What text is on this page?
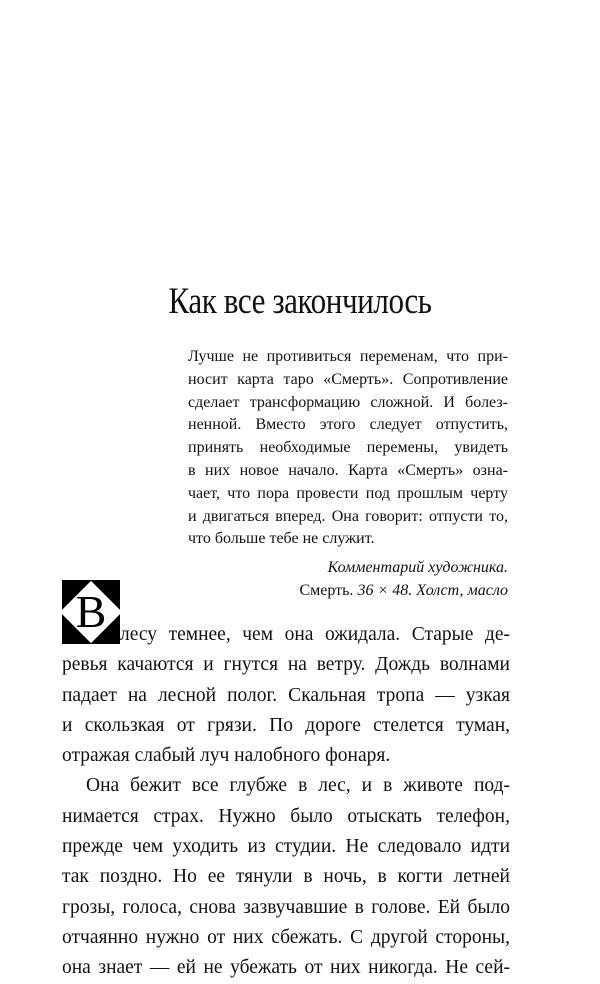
Как все закончилось
Лучше не противиться переменам, что при-
носит карта таро «Смерть». Сопротивление
сделает трансформацию сложной. И болез-
ненной. Вместо этого следует отпустить,
принять необходимые перемены, увидеть
в них новое начало. Карта «Смерть» озна-
чает, что пора провести под прошлым черту
и двигаться вперед. Она говорит: отпусти то,
что больше тебе не служит.
Комментарий художника.
Смерть. 36 × 48. Холст, масло
В лесу темнее, чем она ожидала. Старые де-
ревья качаются и гнутся на ветру. Дождь волнами
падает на лесной полог. Скальная тропа — узкая
и скользкая от грязи. По дороге стелется туман,
отражая слабый луч налобного фонаря.
Она бежит все глубже в лес, и в животе под-
нимается страх. Нужно было отыскать телефон,
прежде чем уходить из студии. Не следовало идти
так поздно. Но ее тянули в ночь, в когти летней
грозы, голоса, снова зазвучавшие в голове. Ей было
отчаянно нужно от них сбежать. С другой стороны,
она знает — ей не убежать от них никогда. Не сей-
